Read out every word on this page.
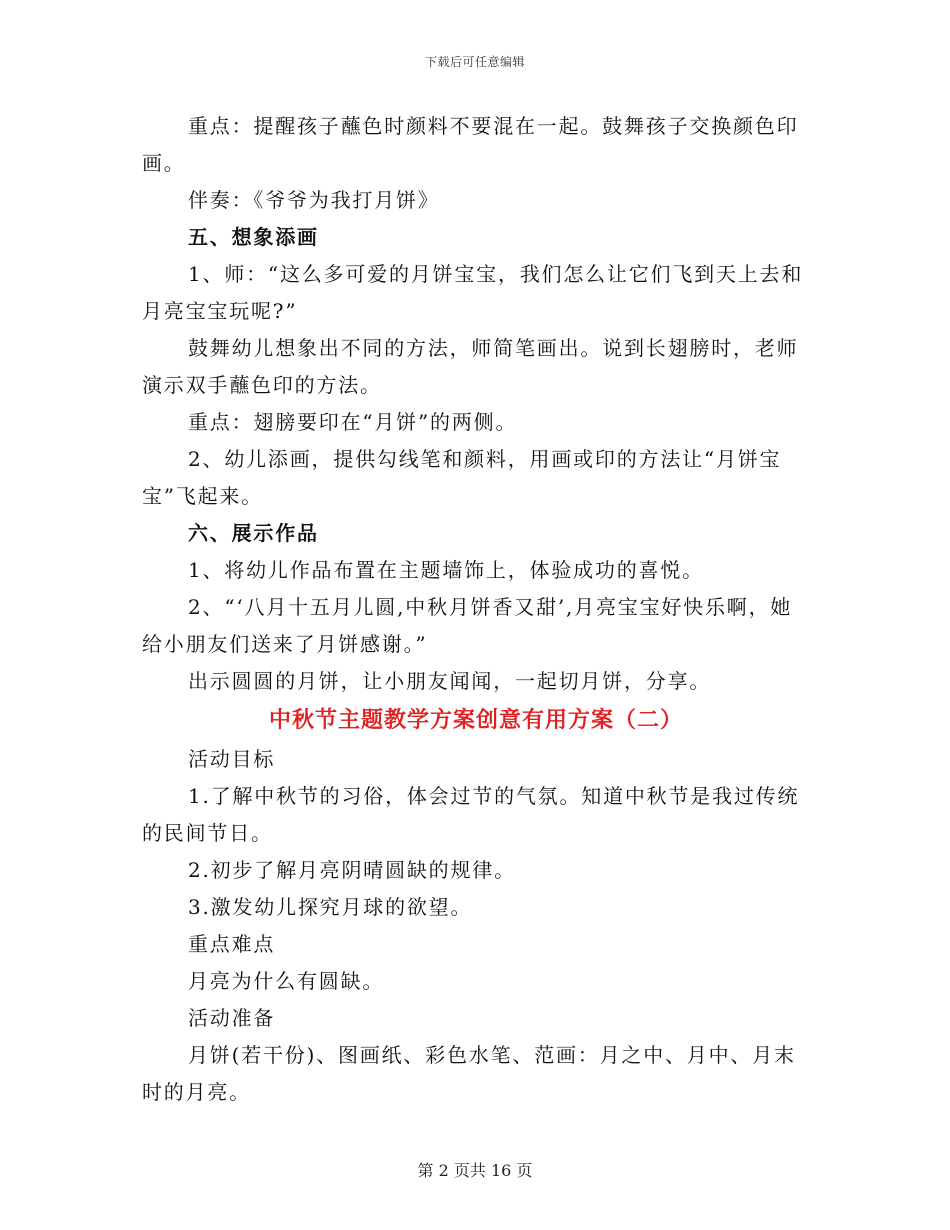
下载后可任意编辑

重点：提醒孩子蘸色时颜料不要混在一起。鼓舞孩子交换颜色印画。

伴奏：《爷爷为我打月饼》

五、想象添画

1、师：“这么多可爱的月饼宝宝，我们怎么让它们飞到天上去和月亮宝宝玩呢?”

鼓舞幼儿想象出不同的方法，师简笔画出。说到长翅膀时，老师演示双手蘸色印的方法。

重点：翅膀要印在“月饼”的两侧。

2、幼儿添画，提供勾线笔和颜料，用画或印的方法让“月饼宝宝”飞起来。

六、展示作品

1、将幼儿作品布置在主题墙饰上，体验成功的喜悦。

2、“‘八月十五月儿圆,中秋月饼香又甜’,月亮宝宝好快乐啊，她给小朋友们送来了月饼感谢。”

出示圆圆的月饼，让小朋友闻闻，一起切月饼，分享。

中秋节主题教学方案创意有用方案（二）

活动目标

1.了解中秋节的习俗，体会过节的气氛。知道中秋节是我过传统的民间节日。

2.初步了解月亮阴晴圆缺的规律。

3.激发幼儿探究月球的欲望。

重点难点

月亮为什么有圆缺。

活动准备

月饼(若干份)、图画纸、彩色水笔、范画：月之中、月中、月末时的月亮。

第 2 页共 16 页
